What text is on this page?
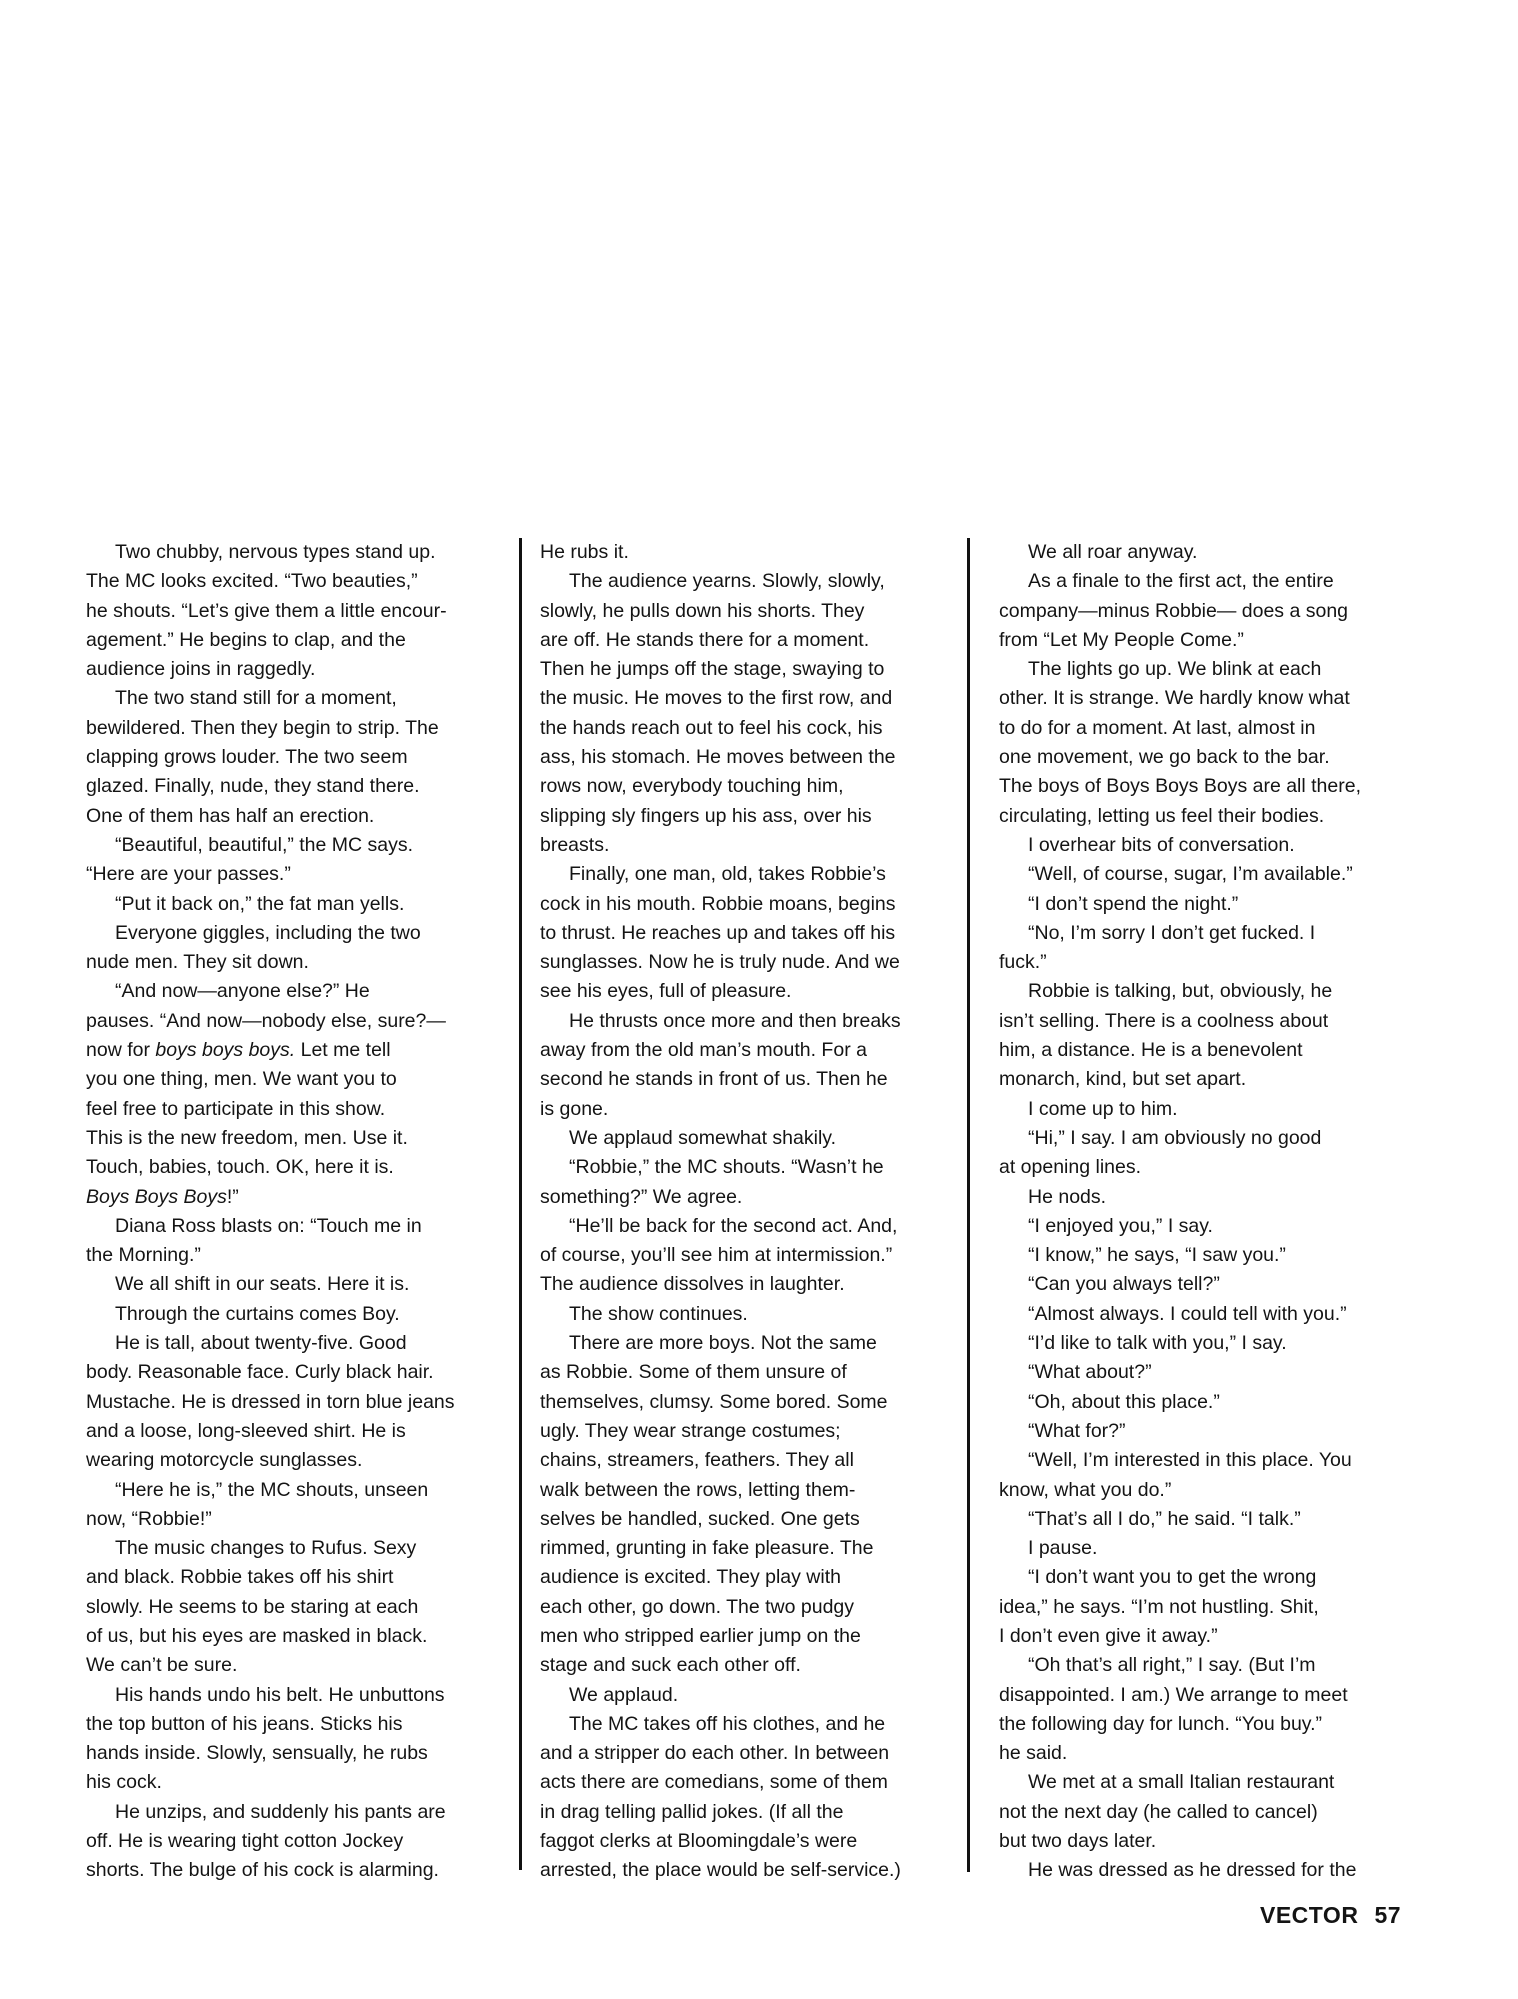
Two chubby, nervous types stand up.
The MC looks excited. “Two beauties,”
he shouts. “Let’s give them a little encour-
agement.” He begins to clap, and the
audience joins in raggedly.
The two stand still for a moment,
bewildered. Then they begin to strip. The
clapping grows louder. The two seem
glazed. Finally, nude, they stand there.
One of them has half an erection.
“Beautiful, beautiful,” the MC says.
“Here are your passes.”
“Put it back on,” the fat man yells.
Everyone giggles, including the two
nude men. They sit down.
“And now—anyone else?” He
pauses. “And now—nobody else, sure?—
now for boys boys boys. Let me tell
you one thing, men. We want you to
feel free to participate in this show.
This is the new freedom, men. Use it.
Touch, babies, touch. OK, here it is.
Boys Boys Boys!”
Diana Ross blasts on: “Touch me in
the Morning.”
We all shift in our seats. Here it is.
Through the curtains comes Boy.
He is tall, about twenty-five. Good
body. Reasonable face. Curly black hair.
Mustache. He is dressed in torn blue jeans
and a loose, long-sleeved shirt. He is
wearing motorcycle sunglasses.
“Here he is,” the MC shouts, unseen
now, “Robbie!”
The music changes to Rufus. Sexy
and black. Robbie takes off his shirt
slowly. He seems to be staring at each
of us, but his eyes are masked in black.
We can’t be sure.
His hands undo his belt. He unbuttons
the top button of his jeans. Sticks his
hands inside. Slowly, sensually, he rubs
his cock.
He unzips, and suddenly his pants are
off. He is wearing tight cotton Jockey
shorts. The bulge of his cock is alarming.
He rubs it.
The audience yearns. Slowly, slowly,
slowly, he pulls down his shorts. They
are off. He stands there for a moment.
Then he jumps off the stage, swaying to
the music. He moves to the first row, and
the hands reach out to feel his cock, his
ass, his stomach. He moves between the
rows now, everybody touching him,
slipping sly fingers up his ass, over his
breasts.
Finally, one man, old, takes Robbie’s
cock in his mouth. Robbie moans, begins
to thrust. He reaches up and takes off his
sunglasses. Now he is truly nude. And we
see his eyes, full of pleasure.
He thrusts once more and then breaks
away from the old man’s mouth. For a
second he stands in front of us. Then he
is gone.
We applaud somewhat shakily.
“Robbie,” the MC shouts. “Wasn’t he
something?” We agree.
“He’ll be back for the second act. And,
of course, you’ll see him at intermission.”
The audience dissolves in laughter.
The show continues.
There are more boys. Not the same
as Robbie. Some of them unsure of
themselves, clumsy. Some bored. Some
ugly. They wear strange costumes;
chains, streamers, feathers. They all
walk between the rows, letting them-
selves be handled, sucked. One gets
rimmed, grunting in fake pleasure. The
audience is excited. They play with
each other, go down. The two pudgy
men who stripped earlier jump on the
stage and suck each other off.
We applaud.
The MC takes off his clothes, and he
and a stripper do each other. In between
acts there are comedians, some of them
in drag telling pallid jokes. (If all the
faggot clerks at Bloomingdale’s were
arrested, the place would be self-service.)
We all roar anyway.
As a finale to the first act, the entire
company—minus Robbie— does a song
from “Let My People Come.”
The lights go up. We blink at each
other. It is strange. We hardly know what
to do for a moment. At last, almost in
one movement, we go back to the bar.
The boys of Boys Boys Boys are all there,
circulating, letting us feel their bodies.
I overhear bits of conversation.
“Well, of course, sugar, I’m available.”
“I don’t spend the night.”
“No, I’m sorry I don’t get fucked. I
fuck.”
Robbie is talking, but, obviously, he
isn’t selling. There is a coolness about
him, a distance. He is a benevolent
monarch, kind, but set apart.
I come up to him.
“Hi,” I say. I am obviously no good
at opening lines.
He nods.
“I enjoyed you,” I say.
“I know,” he says, “I saw you.”
“Can you always tell?”
“Almost always. I could tell with you.”
“I’d like to talk with you,” I say.
“What about?”
“Oh, about this place.”
“What for?”
“Well, I’m interested in this place. You
know, what you do.”
“That’s all I do,” he said. “I talk.”
I pause.
“I don’t want you to get the wrong
idea,” he says. “I’m not hustling. Shit,
I don’t even give it away.”
“Oh that’s all right,” I say. (But I’m
disappointed. I am.) We arrange to meet
the following day for lunch. “You buy.”
he said.
We met at a small Italian restaurant
not the next day (he called to cancel)
but two days later.
He was dressed as he dressed for the
VECTOR 57
